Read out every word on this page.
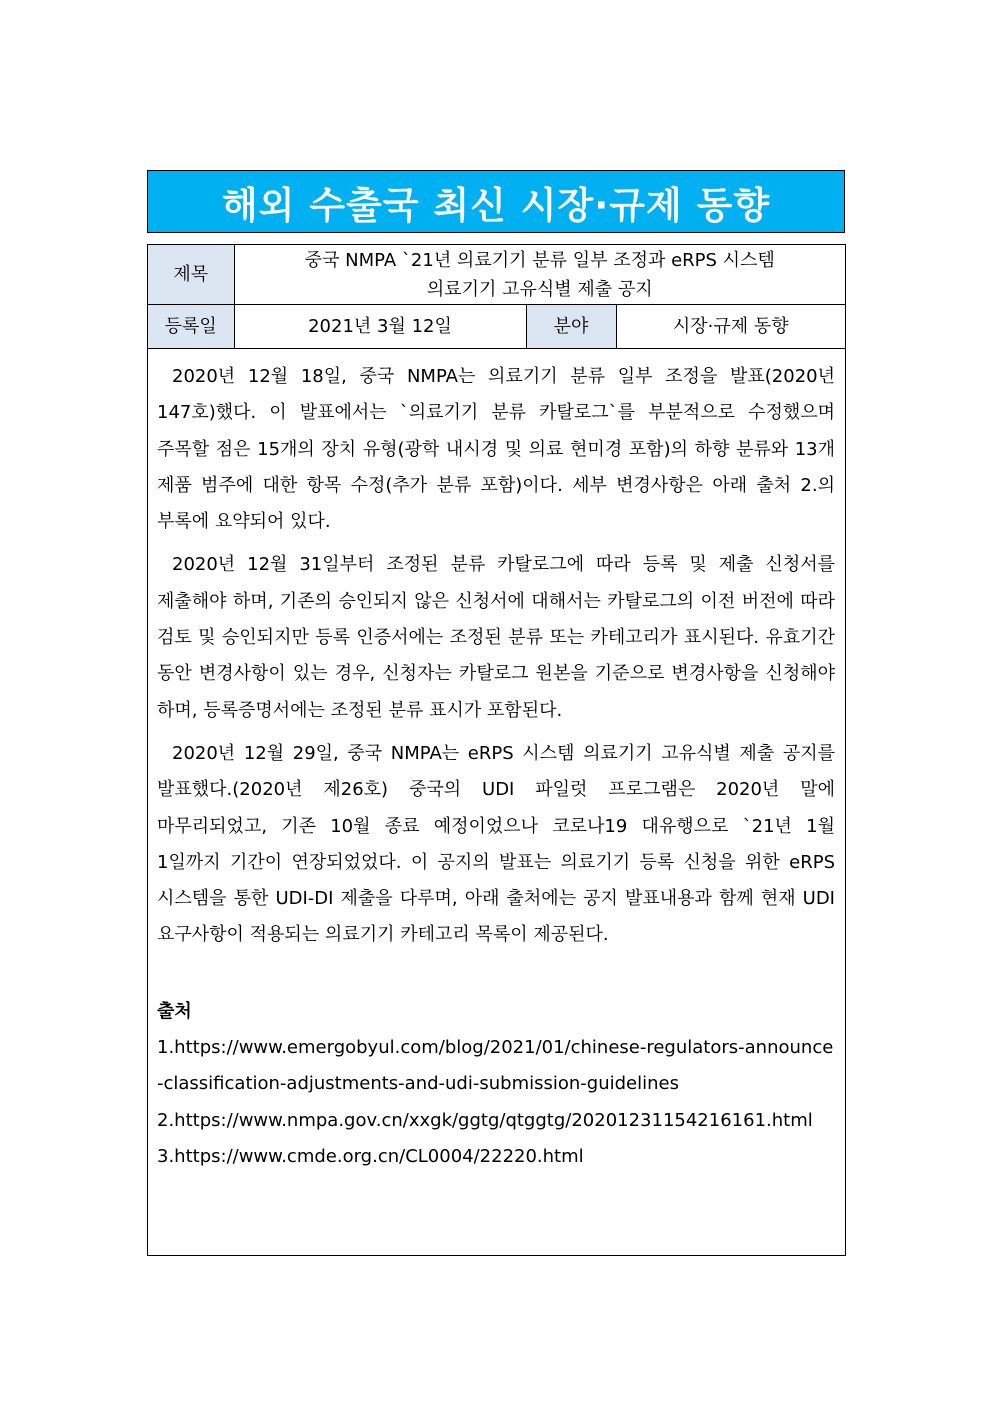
해외 수출국 최신 시장·규제 동향
제목	중국 NMPA `21년 의료기기 분류 일부 조정과 eRPS 시스템
의료기기 고유식별 제출 공지		

등록일	2021년 3월 12일	분야	시장·규제 동향

2020년 12월 18일, 중국 NMPA는 의료기기 분류 일부 조정을 발표(2020년 147호)했다. 이 발표에서는 `의료기기 분류 카탈로그`를 부분적으로 수정했으며 주목할 점은 15개의 장치 유형(광학 내시경 및 의료 현미경 포함)의 하향 분류와 13개 제품 범주에 대한 항목 수정(추가 분류 포함)이다. 세부 변경사항은 아래 출처 2.의 부록에 요약되어 있다.

2020년 12월 31일부터 조정된 분류 카탈로그에 따라 등록 및 제출 신청서를 제출해야 하며, 기존의 승인되지 않은 신청서에 대해서는 카탈로그의 이전 버전에 따라 검토 및 승인되지만 등록 인증서에는 조정된 분류 또는 카테고리가 표시된다. 유효기간 동안 변경사항이 있는 경우, 신청자는 카탈로그 원본을 기준으로 변경사항을 신청해야 하며, 등록증명서에는 조정된 분류 표시가 포함된다.

2020년 12월 29일, 중국 NMPA는 eRPS 시스템 의료기기 고유식별 제출 공지를 발표했다.(2020년 제26호) 중국의 UDI 파일럿 프로그램은 2020년 말에 마무리되었고, 기존 10월 종료 예정이었으나 코로나19 대유행으로 `21년 1월 1일까지 기간이 연장되었었다. 이 공지의 발표는 의료기기 등록 신청을 위한 eRPS 시스템을 통한 UDI-DI 제출을 다루며, 아래 출처에는 공지 발표내용과 함께 현재 UDI 요구사항이 적용되는 의료기기 카테고리 목록이 제공된다.

출처
1.https://www.emergobyul.com/blog/2021/01/chinese-regulators-announce-classification-adjustments-and-udi-submission-guidelines
2.https://www.nmpa.gov.cn/xxgk/ggtg/qtggtg/20201231154216161.html
3.https://www.cmde.org.cn/CL0004/22220.html
